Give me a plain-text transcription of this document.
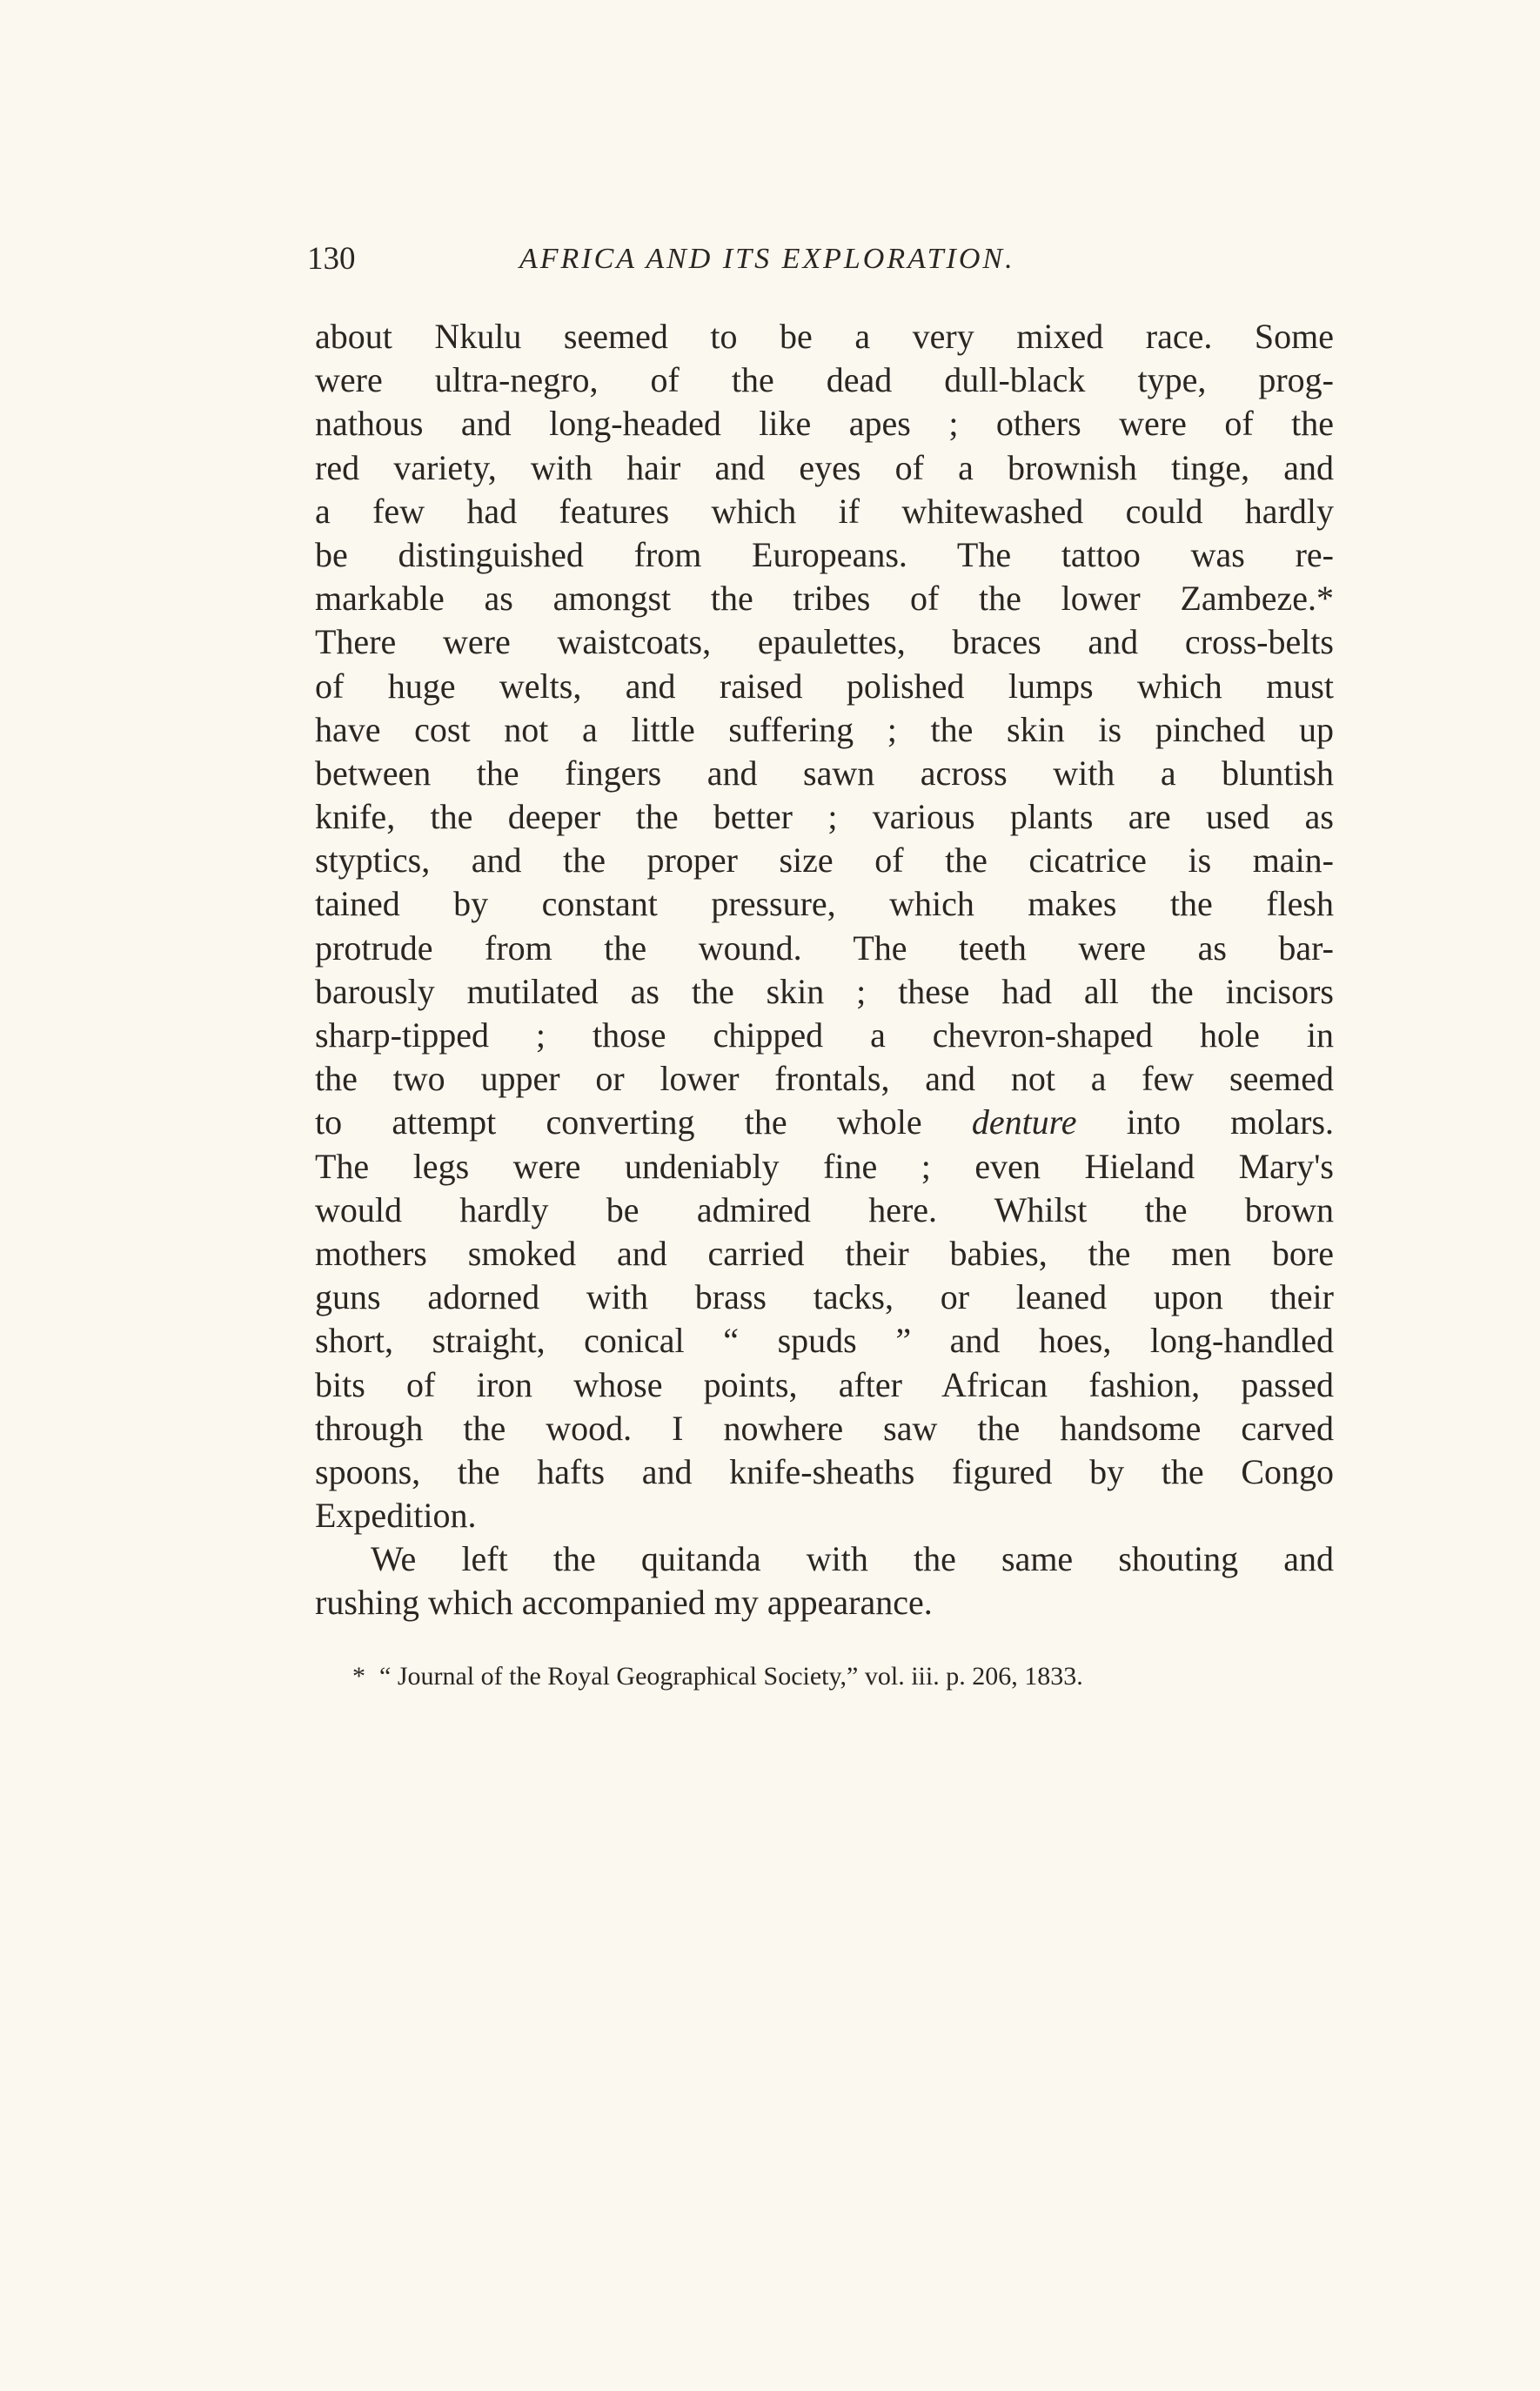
130	AFRICA AND ITS EXPLORATION.
about Nkulu seemed to be a very mixed race. Some
were ultra-negro, of the dead dull-black type, prog-
nathous and long-headed like apes ; others were of the
red variety, with hair and eyes of a brownish tinge, and
a few had features which if whitewashed could hardly
be distinguished from Europeans. The tattoo was re-
markable as amongst the tribes of the lower Zambeze.*
There were waistcoats, epaulettes, braces and cross-belts
of huge welts, and raised polished lumps which must
have cost not a little suffering ; the skin is pinched up
between the fingers and sawn across with a bluntish
knife, the deeper the better ; various plants are used as
styptics, and the proper size of the cicatrice is main-
tained by constant pressure, which makes the flesh
protrude from the wound. The teeth were as bar-
barously mutilated as the skin ; these had all the incisors
sharp-tipped ; those chipped a chevron-shaped hole in
the two upper or lower frontals, and not a few seemed
to attempt converting the whole denture into molars.
The legs were undeniably fine ; even Hieland Mary's
would hardly be admired here. Whilst the brown
mothers smoked and carried their babies, the men bore
guns adorned with brass tacks, or leaned upon their
short, straight, conical “ spuds ” and hoes, long-handled
bits of iron whose points, after African fashion, passed
through the wood. I nowhere saw the handsome carved
spoons, the hafts and knife-sheaths figured by the Congo
Expedition.
We left the quitanda with the same shouting and
rushing which accompanied my appearance.
* “ Journal of the Royal Geographical Society,” vol. iii. p. 206, 1833.
